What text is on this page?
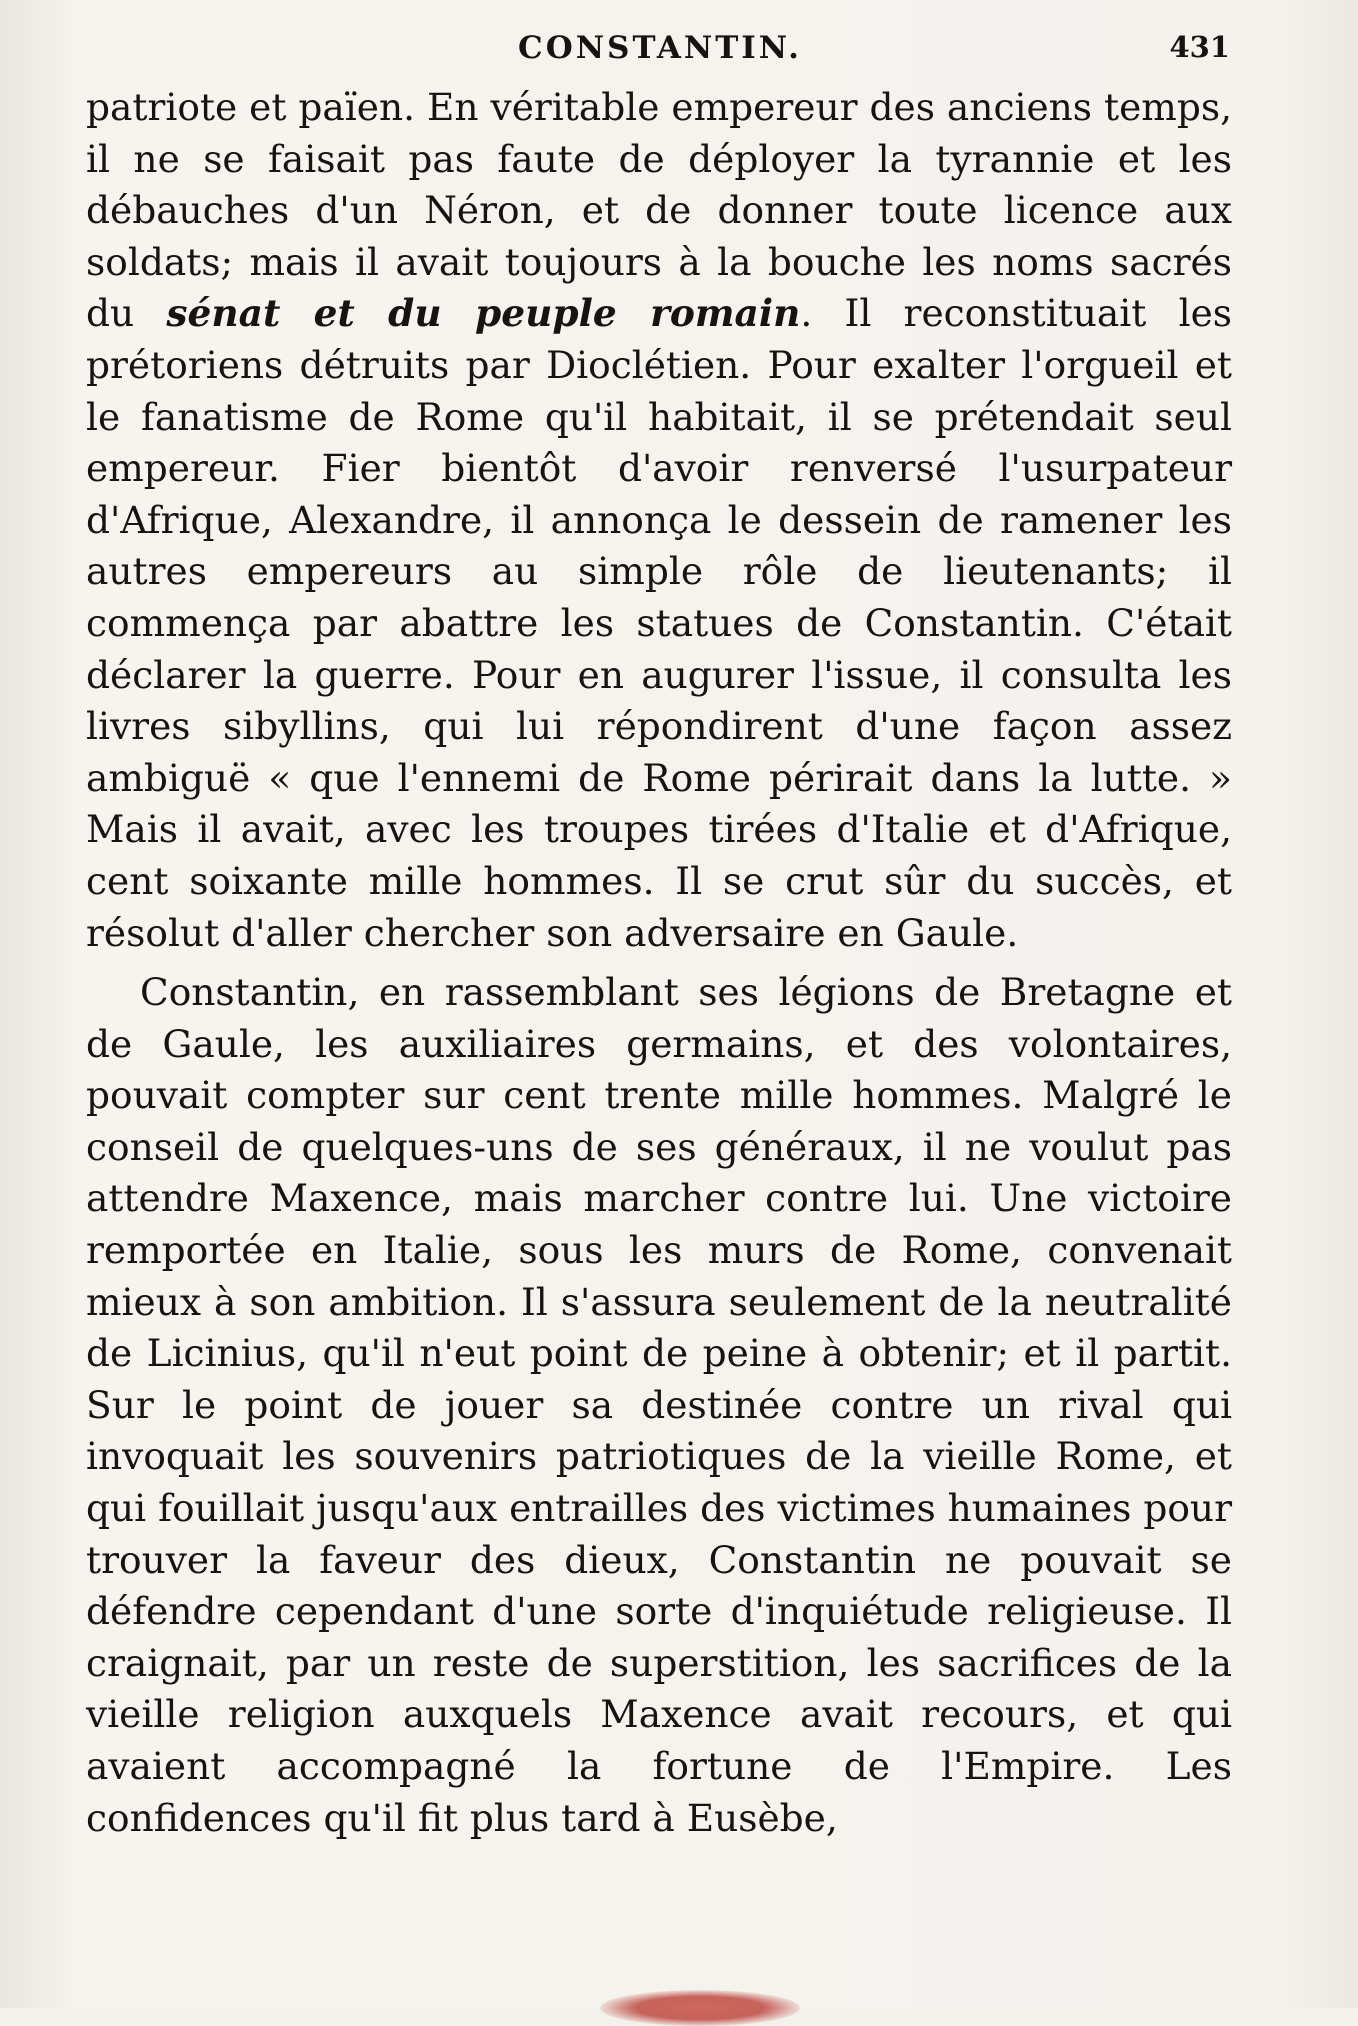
CONSTANTIN.	431

patriote et païen. En véritable empereur des anciens temps, il ne se faisait pas faute de déployer la tyrannie et les débauches d'un Néron, et de donner toute licence aux soldats; mais il avait toujours à la bouche les noms sacrés du sénat et du peuple romain. Il reconstituait les prétoriens détruits par Dioclétien. Pour exalter l'orgueil et le fanatisme de Rome qu'il habitait, il se prétendait seul empereur. Fier bientôt d'avoir renversé l'usurpateur d'Afrique, Alexandre, il annonça le dessein de ramener les autres empereurs au simple rôle de lieutenants; il commença par abattre les statues de Constantin. C'était déclarer la guerre. Pour en augurer l'issue, il consulta les livres sibyllins, qui lui répondirent d'une façon assez ambiguë « que l'ennemi de Rome périrait dans la lutte. » Mais il avait, avec les troupes tirées d'Italie et d'Afrique, cent soixante mille hommes. Il se crut sûr du succès, et résolut d'aller chercher son adversaire en Gaule.

Constantin, en rassemblant ses légions de Bretagne et de Gaule, les auxiliaires germains, et des volontaires, pouvait compter sur cent trente mille hommes. Malgré le conseil de quelques-uns de ses généraux, il ne voulut pas attendre Maxence, mais marcher contre lui. Une victoire remportée en Italie, sous les murs de Rome, convenait mieux à son ambition. Il s'assura seulement de la neutralité de Licinius, qu'il n'eut point de peine à obtenir; et il partit. Sur le point de jouer sa destinée contre un rival qui invoquait les souvenirs patriotiques de la vieille Rome, et qui fouillait jusqu'aux entrailles des victimes humaines pour trouver la faveur des dieux, Constantin ne pouvait se défendre cependant d'une sorte d'inquiétude religieuse. Il craignait, par un reste de superstition, les sacrifices de la vieille religion auxquels Maxence avait recours, et qui avaient accompagné la fortune de l'Empire. Les confidences qu'il fit plus tard à Eusèbe,
